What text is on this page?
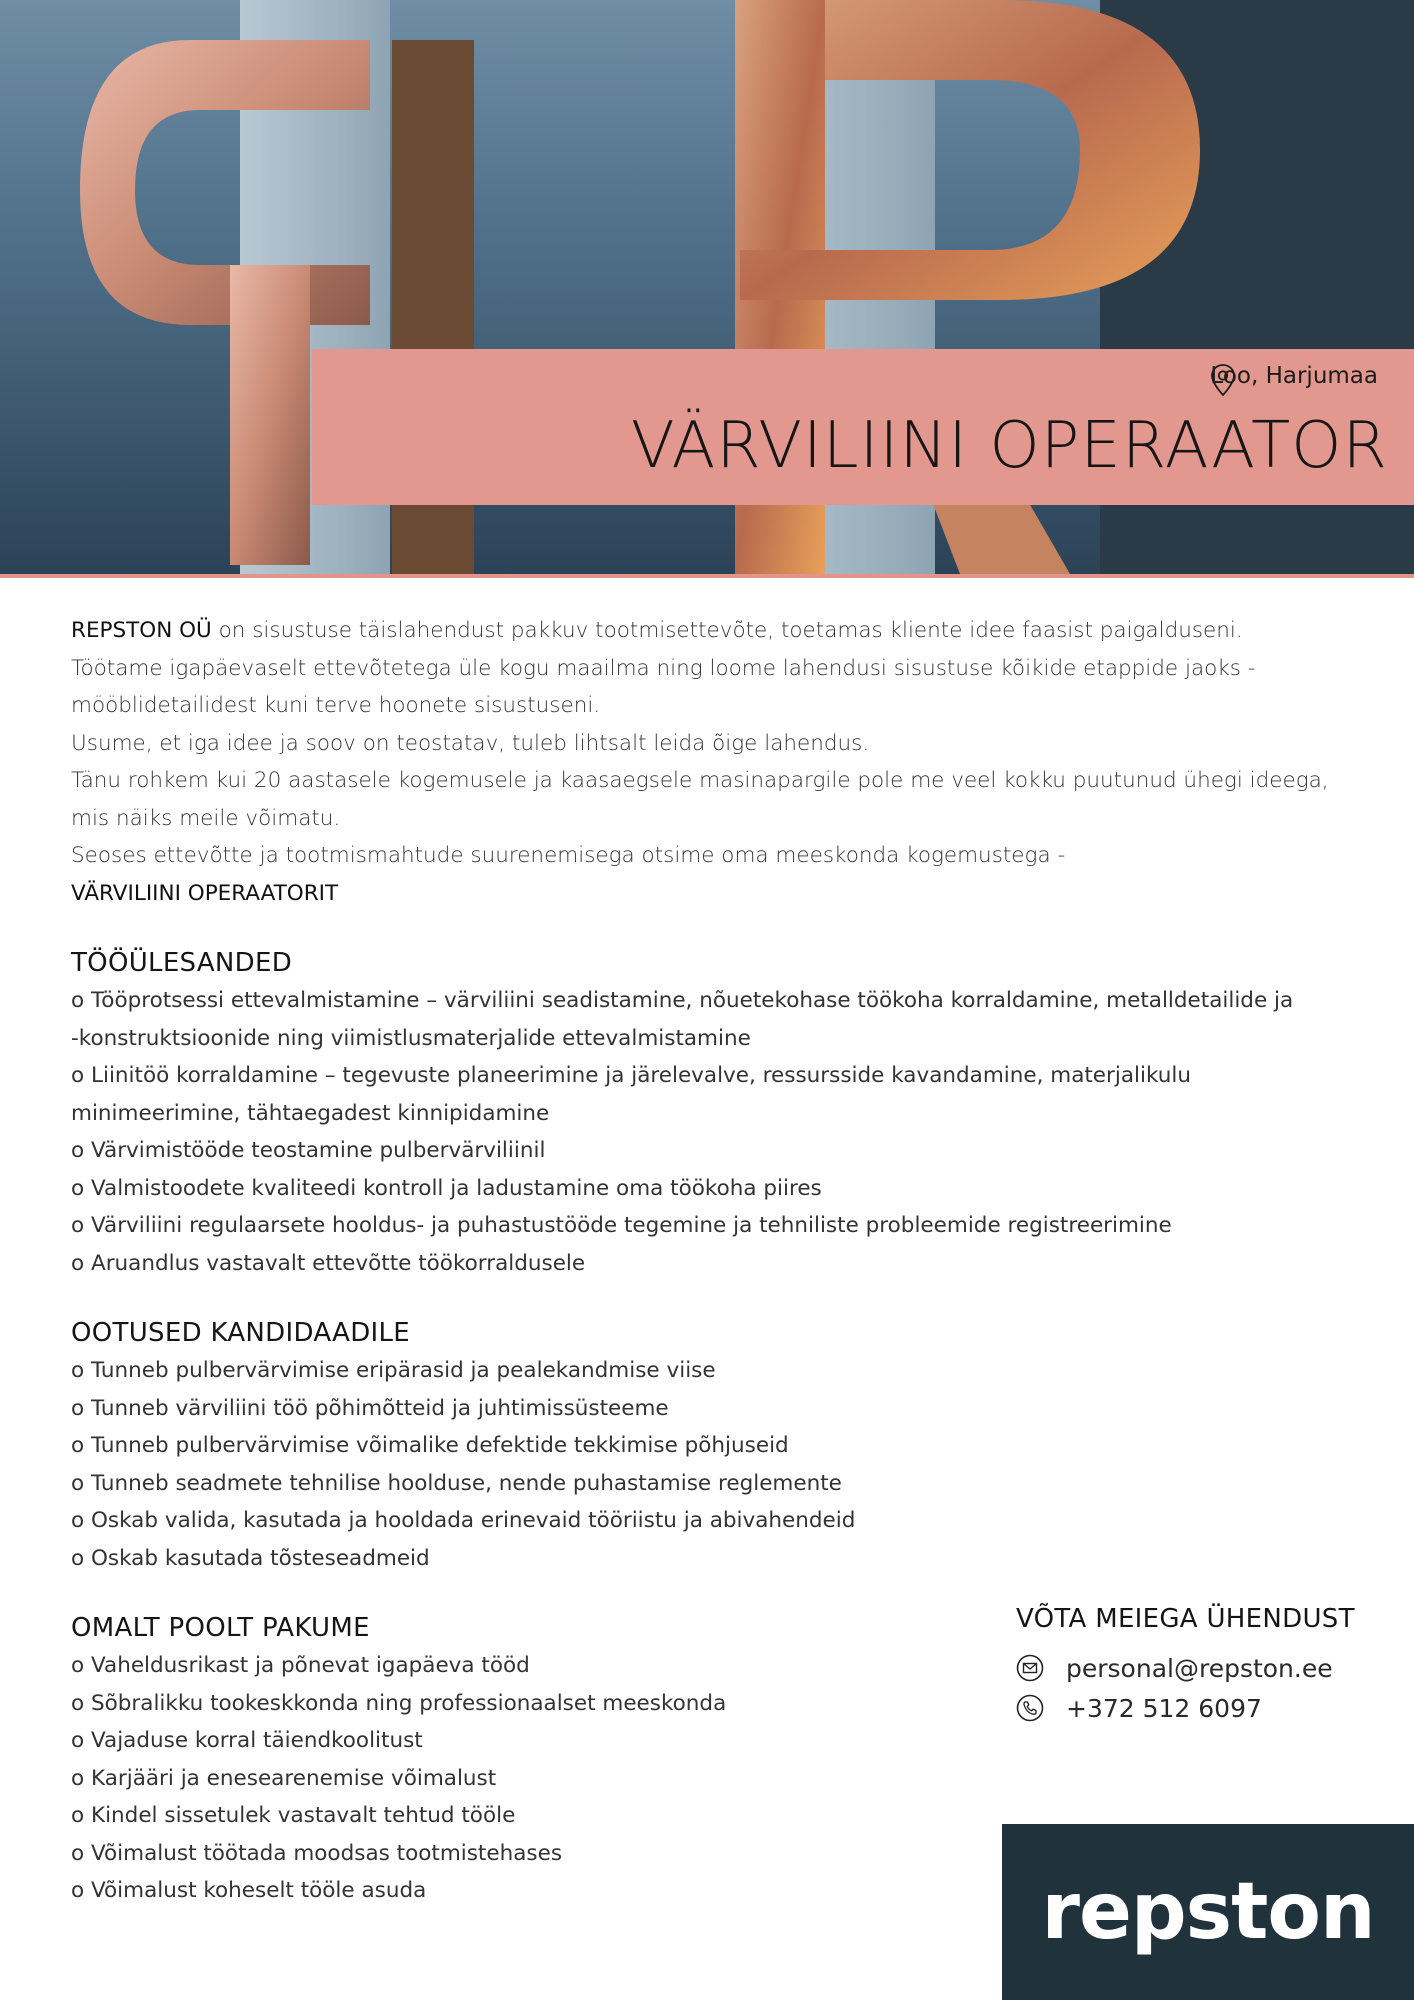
Loo, Harjumaa
VÄRVILIINI OPERAATOR
REPSTON OÜ on sisustuse täislahendust pakkuv tootmisettevõte, toetamas kliente idee faasist paigalduseni.
Töötame igapäevaselt ettevõtetega üle kogu maailma ning loome lahendusi sisustuse kõikide etappide jaoks -
mööblidetailidest kuni terve hoonete sisustuseni.
Usume, et iga idee ja soov on teostatav, tuleb lihtsalt leida õige lahendus.
Tänu rohkem kui 20 aastasele kogemusele ja kaasaegsele masinapargile pole me veel kokku puutunud ühegi ideega,
mis näiks meile võimatu.
Seoses ettevõtte ja tootmismahtude suurenemisega otsime oma meeskonda kogemustega -
VÄRVILIINI OPERAATORIT
TÖÖÜLESANDED
o Tööprotsessi ettevalmistamine – värviliini seadistamine, nõuetekohase töökoha korraldamine, metalldetailide ja
-konstruktsioonide ning viimistlusmaterjalide ettevalmistamine
o Liinitöö korraldamine – tegevuste planeerimine ja järelevalve, ressursside kavandamine, materjalikulu
minimeerimine, tähtaegadest kinnipidamine
o Värvimistööde teostamine pulbervärviliinil
o Valmistoodete kvaliteedi kontroll ja ladustamine oma töökoha piires
o Värviliini regulaarsete hooldus- ja puhastustööde tegemine ja tehniliste probleemide registreerimine
o Aruandlus vastavalt ettevõtte töökorraldusele
OOTUSED KANDIDAADILE
o Tunneb pulbervärvimise eripärasid ja pealekandmise viise
o Tunneb värviliini töö põhimõtteid ja juhtimissüsteeme
o Tunneb pulbervärvimise võimalike defektide tekkimise põhjuseid
o Tunneb seadmete tehnilise hoolduse, nende puhastamise reglemente
o Oskab valida, kasutada ja hooldada erinevaid tööriistu ja abivahendeid
o Oskab kasutada tõsteseadmeid
OMALT POOLT PAKUME
o Vaheldusrikast ja põnevat igapäeva tööd
o Sõbralikku tookeskkonda ning professionaalset meeskonda
o Vajaduse korral täiendkoolitust
o Karjääri ja enesearenemise võimalust
o Kindel sissetulek vastavalt tehtud tööle
o Võimalust töötada moodsas tootmistehases
o Võimalust koheselt tööle asuda
VÕTA MEIEGA ÜHENDUST
personal@repston.ee
+372 512 6097
repston
